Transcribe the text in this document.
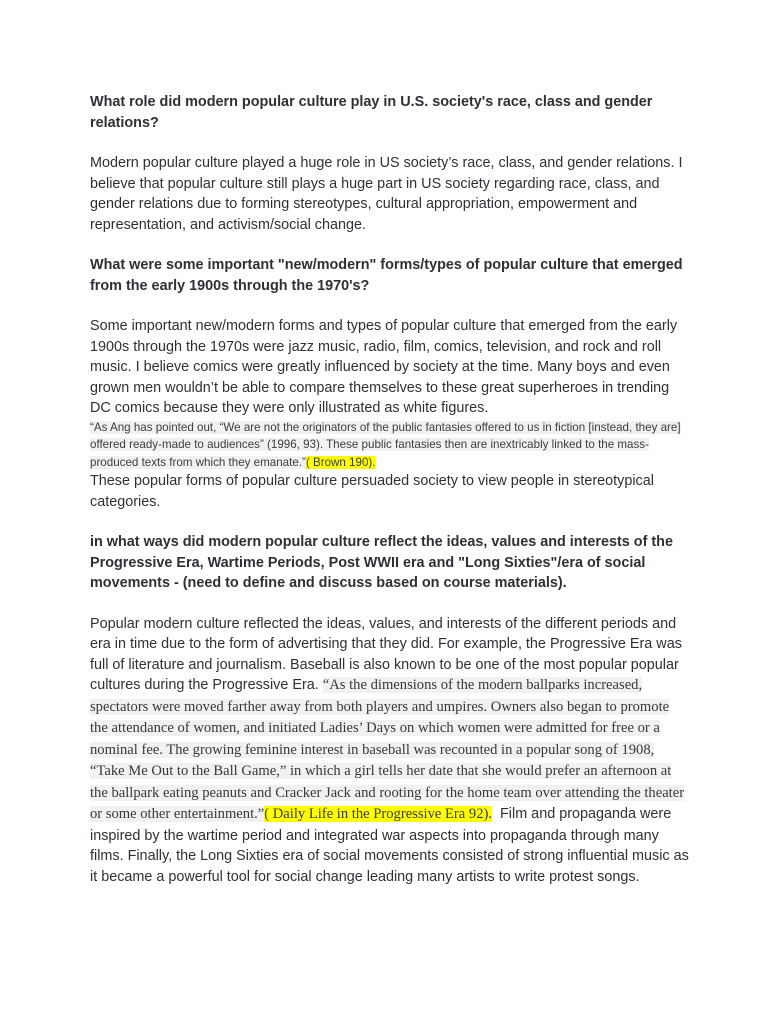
What role did modern popular culture play in U.S. society's race, class and gender relations?

Modern popular culture played a huge role in US society’s race, class, and gender relations. I believe that popular culture still plays a huge part in US society regarding race, class, and gender relations due to forming stereotypes, cultural appropriation, empowerment and representation, and activism/social change.

What were some important "new/modern" forms/types of popular culture that emerged from the early 1900s through the 1970's?

Some important new/modern forms and types of popular culture that emerged from the early 1900s through the 1970s were jazz music, radio, film, comics, television, and rock and roll music. I believe comics were greatly influenced by society at the time. Many boys and even grown men wouldn’t be able to compare themselves to these great superheroes in trending DC comics because they were only illustrated as white figures.

“As Ang has pointed out, “We are not the originators of the public fantasies offered to us in fiction [instead, they are] offered ready-made to audiences” (1996, 93). These public fantasies then are inextricably linked to the mass-produced texts from which they emanate.”( Brown 190).

These popular forms of popular culture persuaded society to view people in stereotypical categories.

in what ways did modern popular culture reflect the ideas, values and interests of the Progressive Era, Wartime Periods, Post WWII era and "Long Sixties"/era of social movements - (need to define and discuss based on course materials).

Popular modern culture reflected the ideas, values, and interests of the different periods and era in time due to the form of advertising that they did. For example, the Progressive Era was full of literature and journalism. Baseball is also known to be one of the most popular popular cultures during the Progressive Era. “As the dimensions of the modern ballparks increased, spectators were moved farther away from both players and umpires. Owners also began to promote the attendance of women, and initiated Ladies’ Days on which women were admitted for free or a nominal fee. The growing feminine interest in baseball was recounted in a popular song of 1908, “Take Me Out to the Ball Game,” in which a girl tells her date that she would prefer an afternoon at the ballpark eating peanuts and Cracker Jack and rooting for the home team over attending the theater or some other entertainment.”( Daily Life in the Progressive Era 92). Film and propaganda were inspired by the wartime period and integrated war aspects into propaganda through many films. Finally, the Long Sixties era of social movements consisted of strong influential music as it became a powerful tool for social change leading many artists to write protest songs.
